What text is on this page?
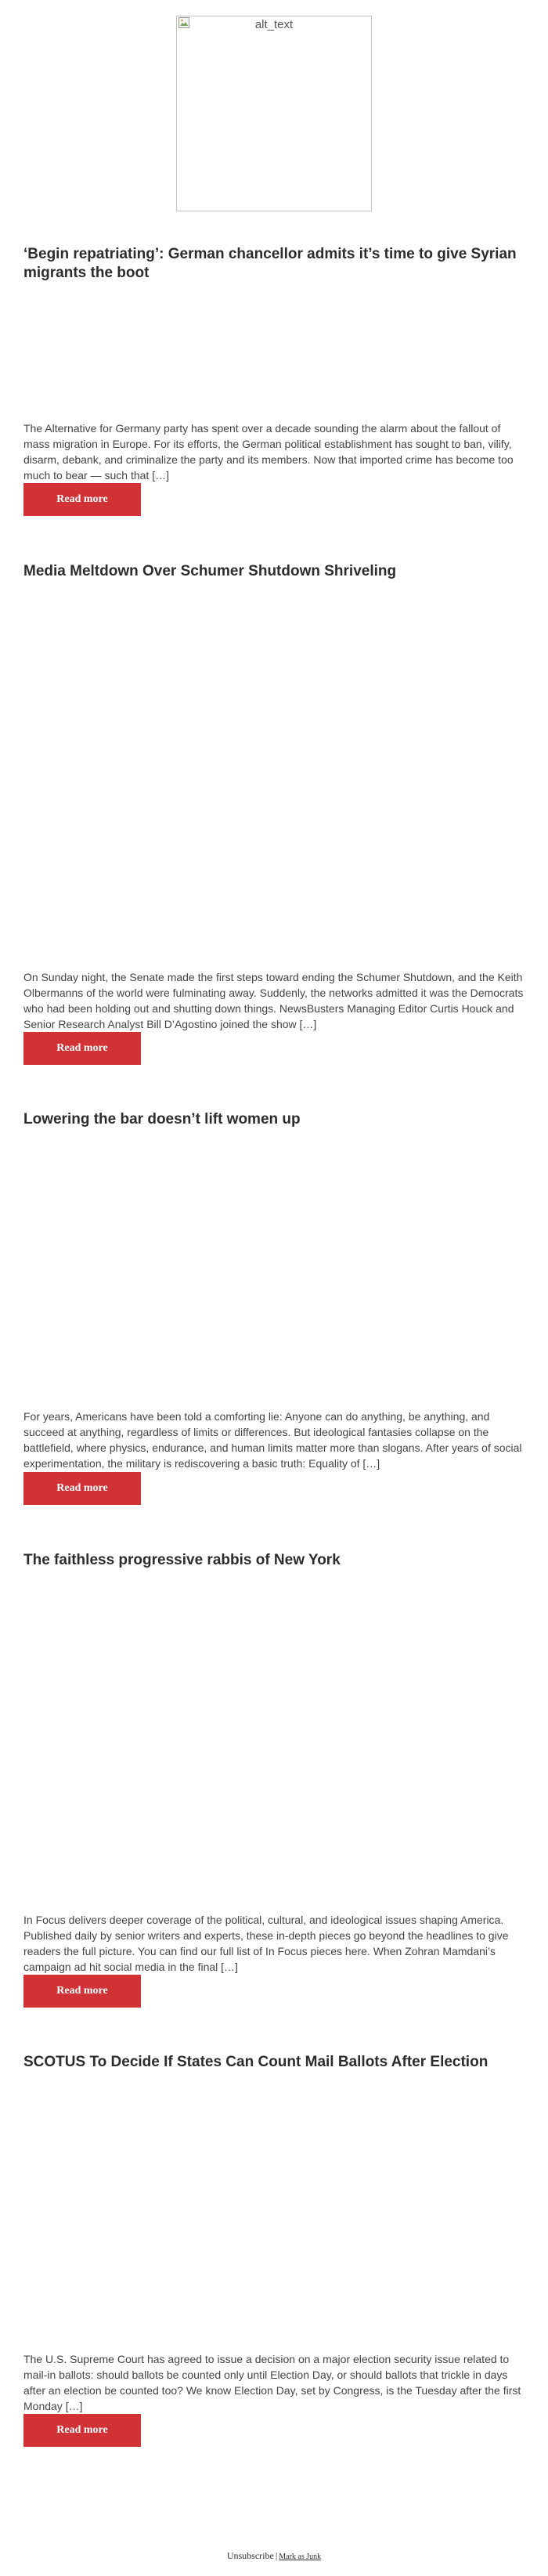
alt_text
‘Begin repatriating’: German chancellor admits it’s time to give Syrian migrants the boot

The Alternative for Germany party has spent over a decade sounding the alarm about the fallout of mass migration in Europe. For its efforts, the German political establishment has sought to ban, vilify, disarm, debank, and criminalize the party and its members. Now that imported crime has become too much to bear — such that […]

Read more
Media Meltdown Over Schumer Shutdown Shriveling

On Sunday night, the Senate made the first steps toward ending the Schumer Shutdown, and the Keith Olbermanns of the world were fulminating away. Suddenly, the networks admitted it was the Democrats who had been holding out and shutting down things. NewsBusters Managing Editor Curtis Houck and Senior Research Analyst Bill D’Agostino joined the show […]

Read more
Lowering the bar doesn’t lift women up

For years, Americans have been told a comforting lie: Anyone can do anything, be anything, and succeed at anything, regardless of limits or differences. But ideological fantasies collapse on the battlefield, where physics, endurance, and human limits matter more than slogans. After years of social experimentation, the military is rediscovering a basic truth: Equality of […]

Read more
The faithless progressive rabbis of New York

In Focus delivers deeper coverage of the political, cultural, and ideological issues shaping America. Published daily by senior writers and experts, these in-depth pieces go beyond the headlines to give readers the full picture. You can find our full list of In Focus pieces here. When Zohran Mamdani’s campaign ad hit social media in the final […]

Read more
SCOTUS To Decide If States Can Count Mail Ballots After Election

The U.S. Supreme Court has agreed to issue a decision on a major election security issue related to mail-in ballots: should ballots be counted only until Election Day, or should ballots that trickle in days after an election be counted too? We know Election Day, set by Congress, is the Tuesday after the first Monday […]

Read more
Unsubscribe | Mark as Junk
